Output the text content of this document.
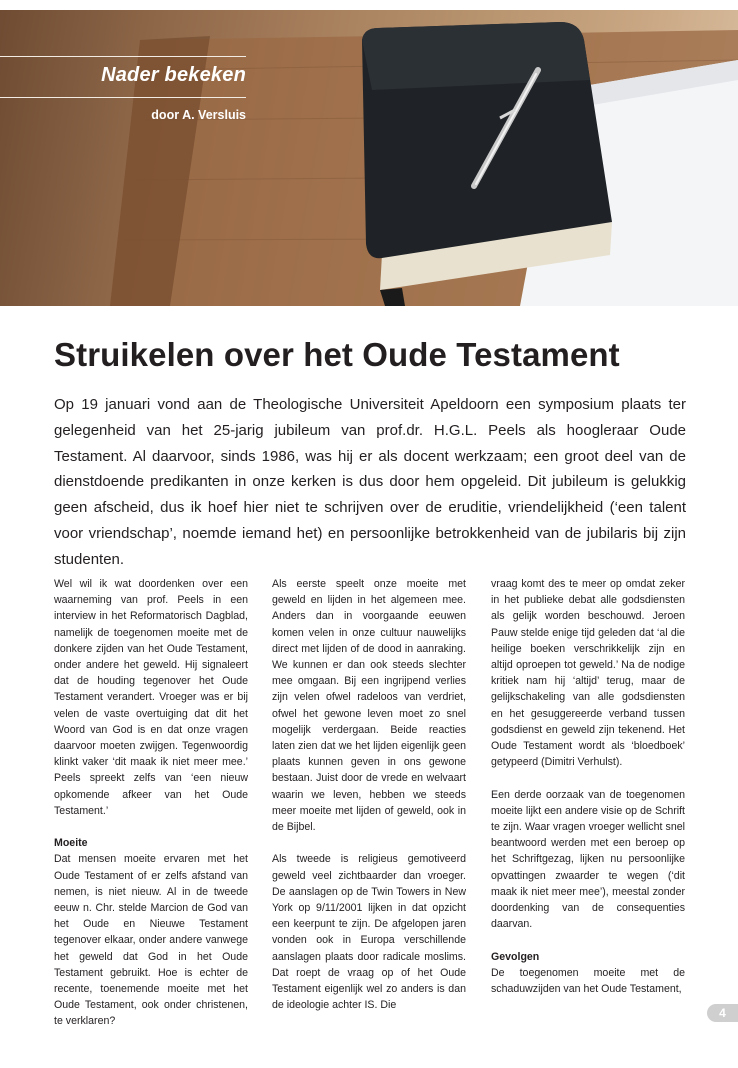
Nader bekeken
door A. Versluis
Struikelen over het Oude Testament

Op 19 januari vond aan de Theologische Universiteit Apeldoorn een symposium plaats ter gelegenheid van het 25-jarig jubileum van prof.dr. H.G.L. Peels als hoogleraar Oude Testament. Al daarvoor, sinds 1986, was hij er als docent werkzaam; een groot deel van de dienstdoende predikanten in onze kerken is dus door hem opgeleid. Dit jubileum is gelukkig geen afscheid, dus ik hoef hier niet te schrijven over de eruditie, vriendelijkheid (‘een talent voor vriendschap’, noemde iemand het) en persoonlijke betrokkenheid van de jubilaris bij zijn studenten.

Wel wil ik wat doordenken over een waarneming van prof. Peels in een interview in het Reformatorisch Dagblad, namelijk de toegenomen moeite met de donkere zijden van het Oude Testament, onder andere het geweld. Hij signaleert dat de houding tegenover het Oude Testament verandert. Vroeger was er bij velen de vaste overtuiging dat dit het Woord van God is en dat onze vragen daarvoor moeten zwijgen. Tegenwoordig klinkt vaker ‘dit maak ik niet meer mee.’ Peels spreekt zelfs van ‘een nieuw opkomende afkeer van het Oude Testament.’

Moeite

Dat mensen moeite ervaren met het Oude Testament of er zelfs afstand van nemen, is niet nieuw. Al in de tweede eeuw n. Chr. stelde Marcion de God van het Oude en Nieuwe Testament tegenover elkaar, onder andere vanwege het geweld dat God in het Oude Testament gebruikt. Hoe is echter de recente, toenemende moeite met het Oude Testament, ook onder christenen, te verklaren?

Als eerste speelt onze moeite met geweld en lijden in het algemeen mee. Anders dan in voorgaande eeuwen komen velen in onze cultuur nauwelijks direct met lijden of de dood in aanraking. We kunnen er dan ook steeds slechter mee omgaan. Bij een ingrijpend verlies zijn velen ofwel radeloos van verdriet, ofwel het gewone leven moet zo snel mogelijk verdergaan. Beide reacties laten zien dat we het lijden eigenlijk geen plaats kunnen geven in ons gewone bestaan. Juist door de vrede en welvaart waarin we leven, hebben we steeds meer moeite met lijden of geweld, ook in de Bijbel.

Als tweede is religieus gemotiveerd geweld veel zichtbaarder dan vroeger. De aanslagen op de Twin Towers in New York op 9/11/2001 lijken in dat opzicht een keerpunt te zijn. De afgelopen jaren vonden ook in Europa verschillende aanslagen plaats door radicale moslims. Dat roept de vraag op of het Oude Testament eigenlijk wel zo anders is dan de ideologie achter IS. Die

vraag komt des te meer op omdat zeker in het publieke debat alle godsdiensten als gelijk worden beschouwd. Jeroen Pauw stelde enige tijd geleden dat ‘al die heilige boeken verschrikkelijk zijn en altijd oproepen tot geweld.’ Na de nodige kritiek nam hij ‘altijd’ terug, maar de gelijkschakeling van alle godsdiensten en het gesuggereerde verband tussen godsdienst en geweld zijn tekenend. Het Oude Testament wordt als ‘bloedboek’ getypeerd (Dimitri Verhulst).

Een derde oorzaak van de toegenomen moeite lijkt een andere visie op de Schrift te zijn. Waar vragen vroeger wellicht snel beantwoord werden met een beroep op het Schriftgezag, lijken nu persoonlijke opvattingen zwaarder te wegen (‘dit maak ik niet meer mee’), meestal zonder doordenking van de consequenties daarvan.

Gevolgen

De toegenomen moeite met de schaduwzijden van het Oude Testament,

4
